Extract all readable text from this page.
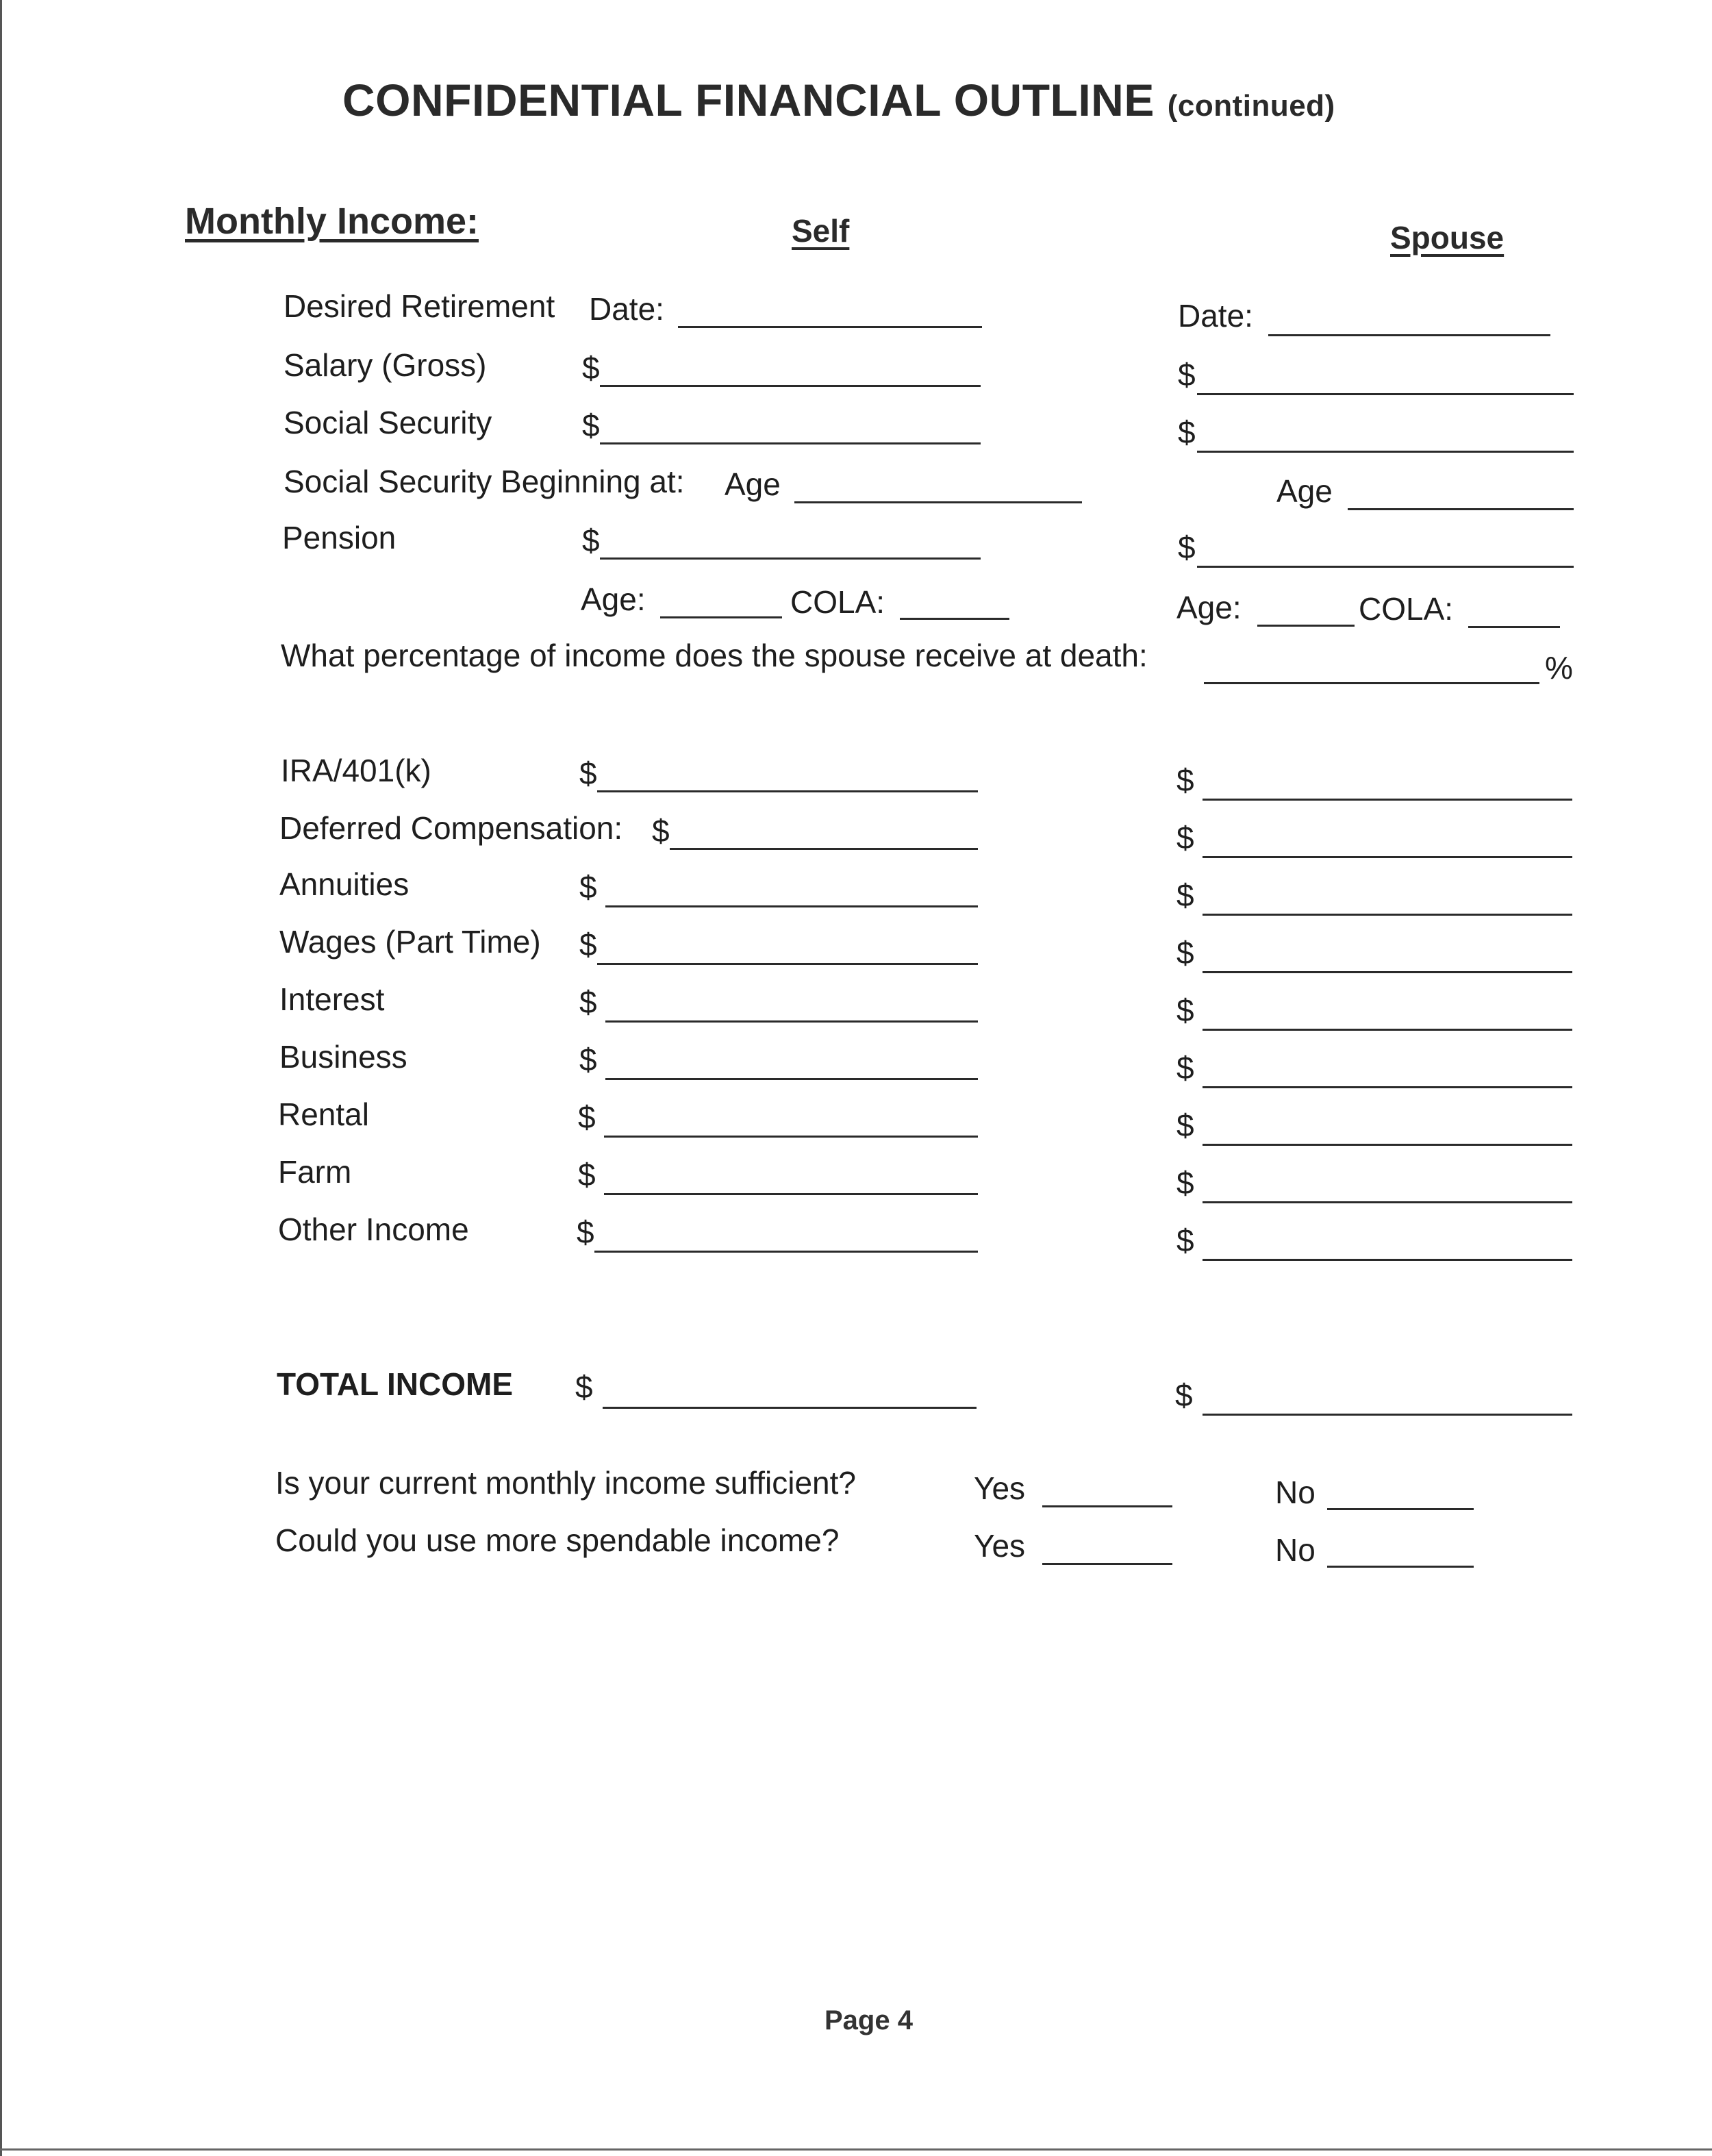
CONFIDENTIAL FINANCIAL OUTLINE (continued)
Monthly Income:	Self	Spouse
Desired Retirement Date:	Date:
Salary (Gross)	$	$
Social Security	$	$
Social Security Beginning at: Age	Age
Pension	$	$
Age:	COLA:	Age:	COLA:
What percentage of income does the spouse receive at death:	%
IRA/401(k)	$	$
Deferred Compensation: $	$
Annuities	$	$
Wages (Part Time) $	$
Interest	$	$
Business	$	$
Rental	$	$
Farm	$	$
Other Income	$	$
TOTAL INCOME $	$
Is your current monthly income sufficient?	Yes	No
Could you use more spendable income?	Yes	No
Page 4
